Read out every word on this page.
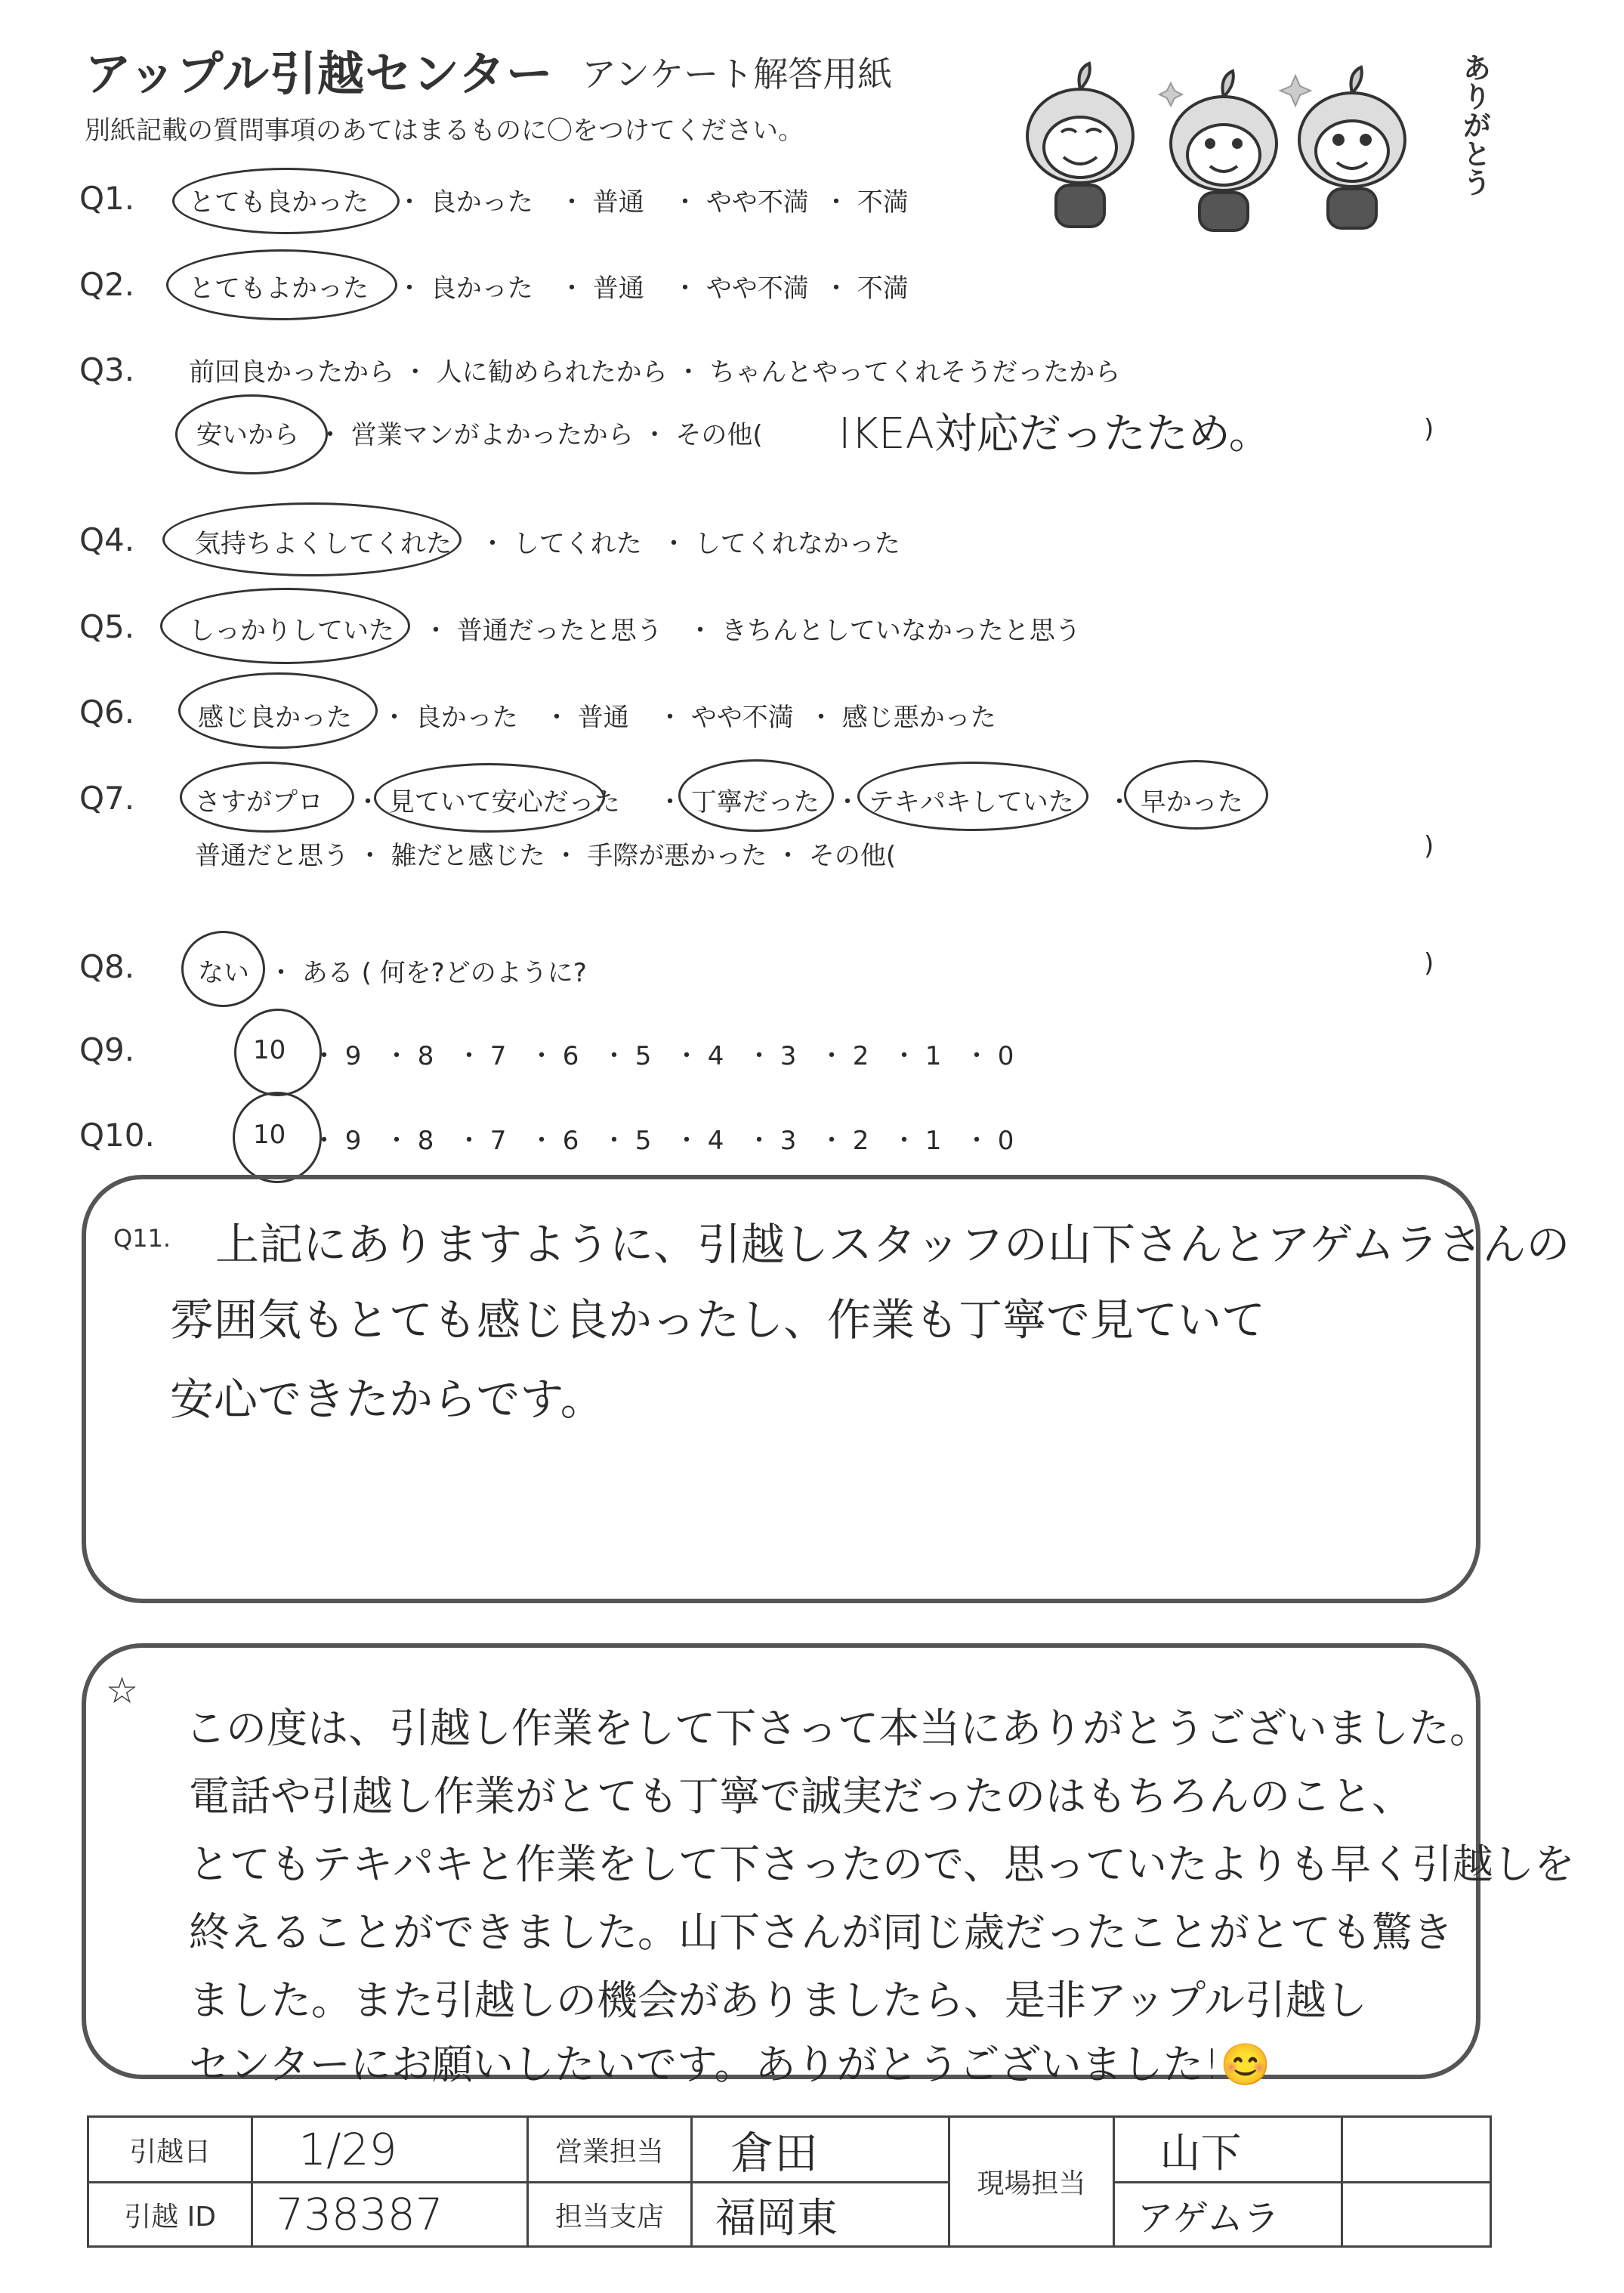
アップル引越センター アンケート解答用紙
別紙記載の質問事項のあてはまるものに〇をつけてください。	ありがとう
Q1. とても良かった ・ 良かった ・ 普通 ・ やや不満 ・ 不満
Q2. とてもよかった ・ 良かった ・ 普通 ・ やや不満 ・ 不満
Q3. 前回良かったから ・ 人に勧められたから ・ ちゃんとやってくれそうだったから
安いから ・ 営業マンがよかったから ・ その他( IKEA対応だったため。	)
Q4. 気持ちよくしてくれた ・ してくれた ・ してくれなかった
Q5. しっかりしていた ・ 普通だったと思う ・ きちんとしていなかったと思う
Q6. 感じ良かった ・ 良かった ・ 普通 ・ やや不満 ・ 感じ悪かった
Q7. さすがプロ ・ 見ていて安心だった ・ 丁寧だった ・ テキパキしていた ・ 早かった
普通だと思う ・ 雑だと感じた ・ 手際が悪かった ・ その他(	)
Q8. ない ・ ある ( 何を?どのように?	)
Q9.	10 ・ 9 ・ 8 ・ 7 ・ 6 ・ 5 ・ 4 ・ 3 ・ 2 ・ 1 ・ 0
Q10.	10 ・ 9 ・ 8 ・ 7 ・ 6 ・ 5 ・ 4 ・ 3 ・ 2 ・ 1 ・ 0
Q11. 上記にありますように、引越しスタッフの山下さんとアゲムラさんの
雰囲気もとても感じ良かったし、作業も丁寧で見ていて
安心できたからです。
☆
この度は、引越し作業をして下さって本当にありがとうございました。
電話や引越し作業がとても丁寧で誠実だったのはもちろんのこと、
とてもテキパキと作業をして下さったので、思っていたよりも早く引越しを
終えることができました。山下さんが同じ歳だったことがとても驚き
ました。また引越しの機会がありましたら、是非アップル引越し
センターにお願いしたいです。ありがとうございました!😊
引越日	1/29	営業担当	倉田	現場担当	山下	
引越 ID	738387	担当支店	福岡東		アゲムラ	
